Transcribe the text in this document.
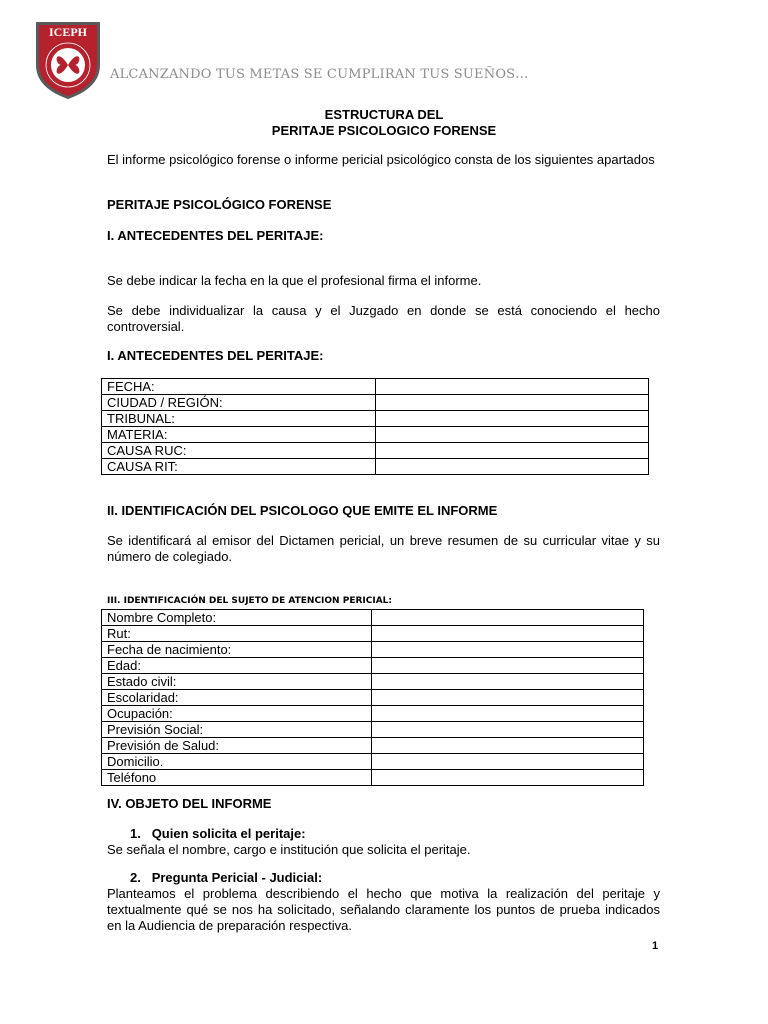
ICEPH
ALCANZANDO TUS METAS SE CUMPLIRAN TUS SUEÑOS…
ESTRUCTURA DEL
PERITAJE PSICOLOGICO FORENSE
El informe psicológico forense o informe pericial psicológico consta de los siguientes apartados
PERITAJE PSICOLÓGICO FORENSE
I. ANTECEDENTES DEL PERITAJE:
Se debe indicar la fecha en la que el profesional firma el informe.
Se debe individualizar la causa y el Juzgado en donde se está conociendo el hecho controversial.
I. ANTECEDENTES DEL PERITAJE:
FECHA:	
CIUDAD / REGIÓN:	
TRIBUNAL:	
MATERIA:	
CAUSA RUC:	
CAUSA RIT:	
II. IDENTIFICACIÓN DEL PSICOLOGO QUE EMITE EL INFORME
Se identificará al emisor del Dictamen pericial, un breve resumen de su curricular vitae y su número de colegiado.
III. IDENTIFICACIÓN DEL SUJETO DE ATENCION PERICIAL:
Nombre Completo:	
Rut:	
Fecha de nacimiento:	
Edad:	
Estado civil:	
Escolaridad:	
Ocupación:	
Previsión Social:	
Previsión de Salud:	
Domicilio.	
Teléfono	
IV. OBJETO DEL INFORME
1. Quien solicita el peritaje:
Se señala el nombre, cargo e institución que solicita el peritaje.
2. Pregunta Pericial - Judicial:
Planteamos el problema describiendo el hecho que motiva la realización del peritaje y textualmente qué se nos ha solicitado, señalando claramente los puntos de prueba indicados en la Audiencia de preparación respectiva.
1
